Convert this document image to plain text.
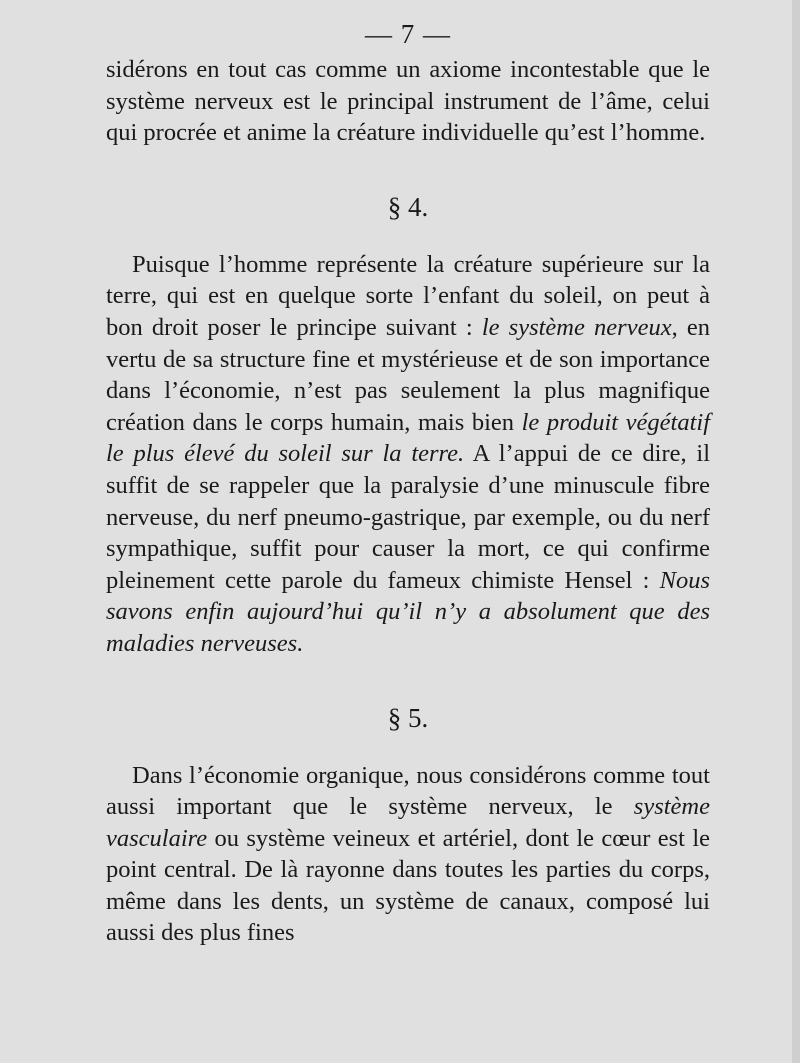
— 7 —

sidérons en tout cas comme un axiome incontestable que le système nerveux est le principal instrument de l’âme, celui qui procrée et anime la créature individuelle qu’est l’homme.

§ 4.

Puisque l’homme représente la créature supérieure sur la terre, qui est en quelque sorte l’enfant du soleil, on peut à bon droit poser le principe suivant : le système nerveux, en vertu de sa structure fine et mystérieuse et de son importance dans l’économie, n’est pas seulement la plus magnifique création dans le corps humain, mais bien le produit végétatif le plus élevé du soleil sur la terre. A l’appui de ce dire, il suffit de se rappeler que la paralysie d’une minuscule fibre nerveuse, du nerf pneumo-gastrique, par exemple, ou du nerf sympathique, suffit pour causer la mort, ce qui confirme pleinement cette parole du fameux chimiste Hensel : Nous savons enfin aujourd’hui qu’il n’y a absolument que des maladies nerveuses.

§ 5.

Dans l’économie organique, nous considérons comme tout aussi important que le système nerveux, le système vasculaire ou système veineux et artériel, dont le cœur est le point central. De là rayonne dans toutes les parties du corps, même dans les dents, un système de canaux, composé lui aussi des plus fines
